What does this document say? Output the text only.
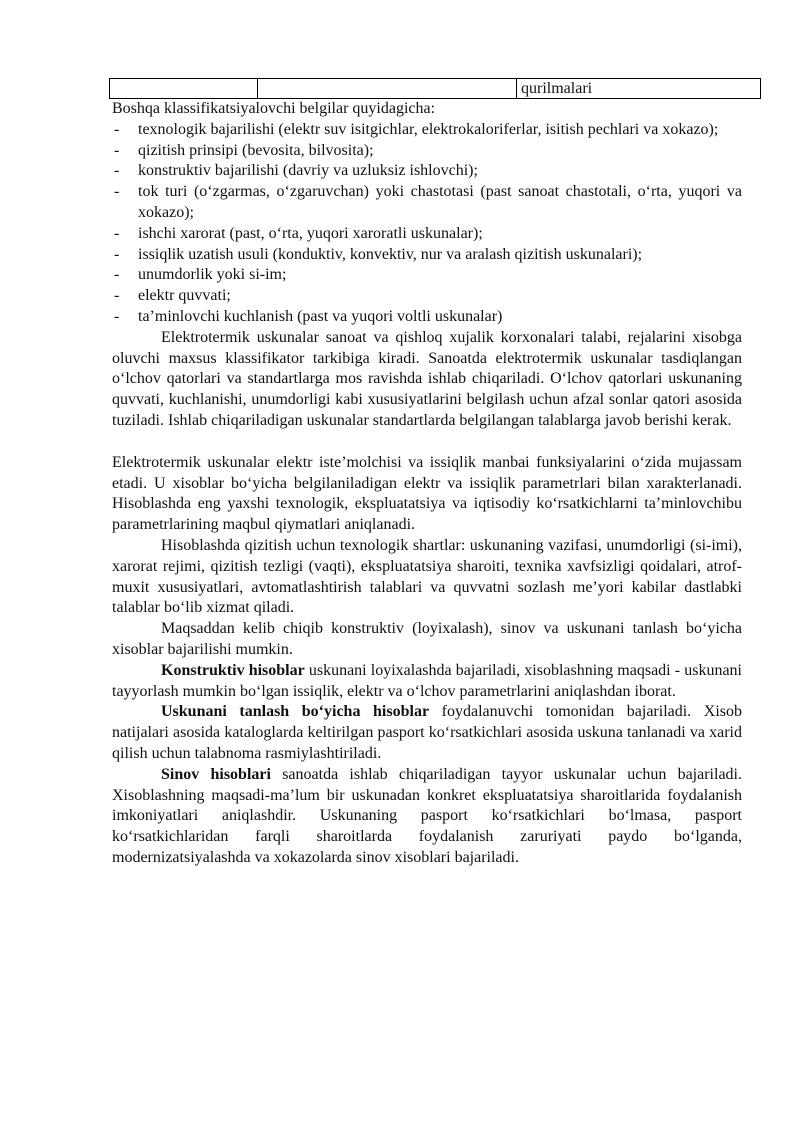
		qurilmalari

Boshqa klassifikatsiyalovchi belgilar quyidagicha:

- texnologik bajarilishi (elektr suv isitgichlar, elektrokaloriferlar, isitish pechlari va xokazo);
- qizitish prinsipi (bevosita, bilvosita);
- konstruktiv bajarilishi (davriy va uzluksiz ishlovchi);
- tok turi (o‘zgarmas, o‘zgaruvchan) yoki chastotasi (past sanoat chastotali, o‘rta, yuqori va xokazo);
- ishchi xarorat (past, o‘rta, yuqori xaroratli uskunalar);
- issiqlik uzatish usuli (konduktiv, konvektiv, nur va aralash qizitish uskunalari);
- unumdorlik yoki si-im;
- elektr quvvati;
- ta’minlovchi kuchlanish (past va yuqori voltli uskunalar)

Elektrotermik uskunalar sanoat va qishloq xujalik korxonalari talabi, rejalarini xisobga oluvchi maxsus klassifikator tarkibiga kiradi. Sanoatda elektrotermik uskunalar tasdiqlangan o‘lchov qatorlari va standartlarga mos ravishda ishlab chiqariladi. O‘lchov qatorlari uskunaning quvvati, kuchlanishi, unumdorligi kabi xususiyatlarini belgilash uchun afzal sonlar qatori asosida tuziladi. Ishlab chiqariladigan uskunalar standartlarda belgilangan talablarga javob berishi kerak.

Elektrotermik uskunalar elektr iste’molchisi va issiqlik manbai funksiyalarini o‘zida mujassam etadi. U xisoblar bo‘yicha belgilaniladigan elektr va issiqlik parametrlari bilan xarakterlanadi. Hisoblashda eng yaxshi texnologik, ekspluatatsiya va iqtisodiy ko‘rsatkichlarni ta’minlovchibu parametrlarining maqbul qiymatlari aniqlanadi.

Hisoblashda qizitish uchun texnologik shartlar: uskunaning vazifasi, unumdorligi (si-imi), xarorat rejimi, qizitish tezligi (vaqti), ekspluatatsiya sharoiti, texnika xavfsizligi qoidalari, atrof-muxit xususiyatlari, avtomatlashtirish talablari va quvvatni sozlash me’yori kabilar dastlabki talablar bo‘lib xizmat qiladi.

Maqsaddan kelib chiqib konstruktiv (loyixalash), sinov va uskunani tanlash bo‘yicha xisoblar bajarilishi mumkin.

Konstruktiv hisoblar uskunani loyixalashda bajariladi, xisoblashning maqsadi - uskunani tayyorlash mumkin bo‘lgan issiqlik, elektr va o‘lchov parametrlarini aniqlashdan iborat.

Uskunani tanlash bo‘yicha hisoblar foydalanuvchi tomonidan bajariladi. Xisob natijalari asosida kataloglarda keltirilgan pasport ko‘rsatkichlari asosida uskuna tanlanadi va xarid qilish uchun talabnoma rasmiylashtiriladi.

Sinov hisoblari sanoatda ishlab chiqariladigan tayyor uskunalar uchun bajariladi. Xisoblashning maqsadi-ma’lum bir uskunadan konkret ekspluatatsiya sharoitlarida foydalanish imkoniyatlari aniqlashdir. Uskunaning pasport ko‘rsatkichlari bo‘lmasa, pasport ko‘rsatkichlaridan farqli sharoitlarda foydalanish zaruriyati paydo bo‘lganda, modernizatsiyalashda va xokazolarda sinov xisoblari bajariladi.
